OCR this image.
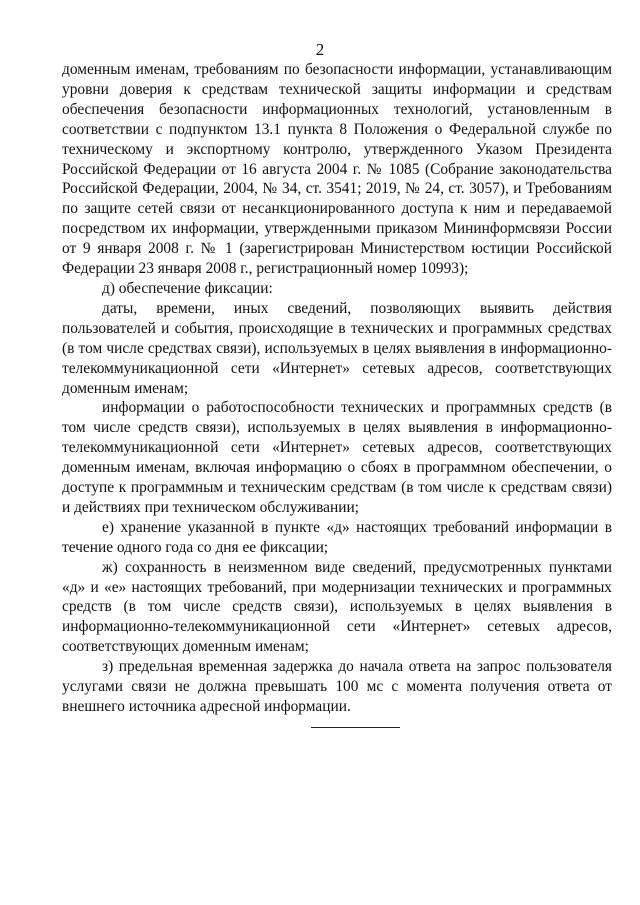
2

доменным именам, требованиям по безопасности информации, устанавливающим уровни доверия к средствам технической защиты информации и средствам обеспечения безопасности информационных технологий, установленным в соответствии с подпунктом 13.1 пункта 8 Положения о Федеральной службе по техническому и экспортному контролю, утвержденного Указом Президента Российской Федерации от 16 августа 2004 г. № 1085 (Собрание законодательства Российской Федерации, 2004, № 34, ст. 3541; 2019, № 24, ст. 3057), и Требованиям по защите сетей связи от несанкционированного доступа к ним и передаваемой посредством их информации, утвержденными приказом Мининформсвязи России от 9 января 2008 г. № 1 (зарегистрирован Министерством юстиции Российской Федерации 23 января 2008 г., регистрационный номер 10993);

д) обеспечение фиксации:

даты, времени, иных сведений, позволяющих выявить действия пользователей и события, происходящие в технических и программных средствах (в том числе средствах связи), используемых в целях выявления в информационно-телекоммуникационной сети «Интернет» сетевых адресов, соответствующих доменным именам;

информации о работоспособности технических и программных средств (в том числе средств связи), используемых в целях выявления в информационно-телекоммуникационной сети «Интернет» сетевых адресов, соответствующих доменным именам, включая информацию о сбоях в программном обеспечении, о доступе к программным и техническим средствам (в том числе к средствам связи) и действиях при техническом обслуживании;

е) хранение указанной в пункте «д» настоящих требований информации в течение одного года со дня ее фиксации;

ж) сохранность в неизменном виде сведений, предусмотренных пунктами «д» и «е» настоящих требований, при модернизации технических и программных средств (в том числе средств связи), используемых в целях выявления в информационно-телекоммуникационной сети «Интернет» сетевых адресов, соответствующих доменным именам;

з) предельная временная задержка до начала ответа на запрос пользователя услугами связи не должна превышать 100 мс с момента получения ответа от внешнего источника адресной информации.
